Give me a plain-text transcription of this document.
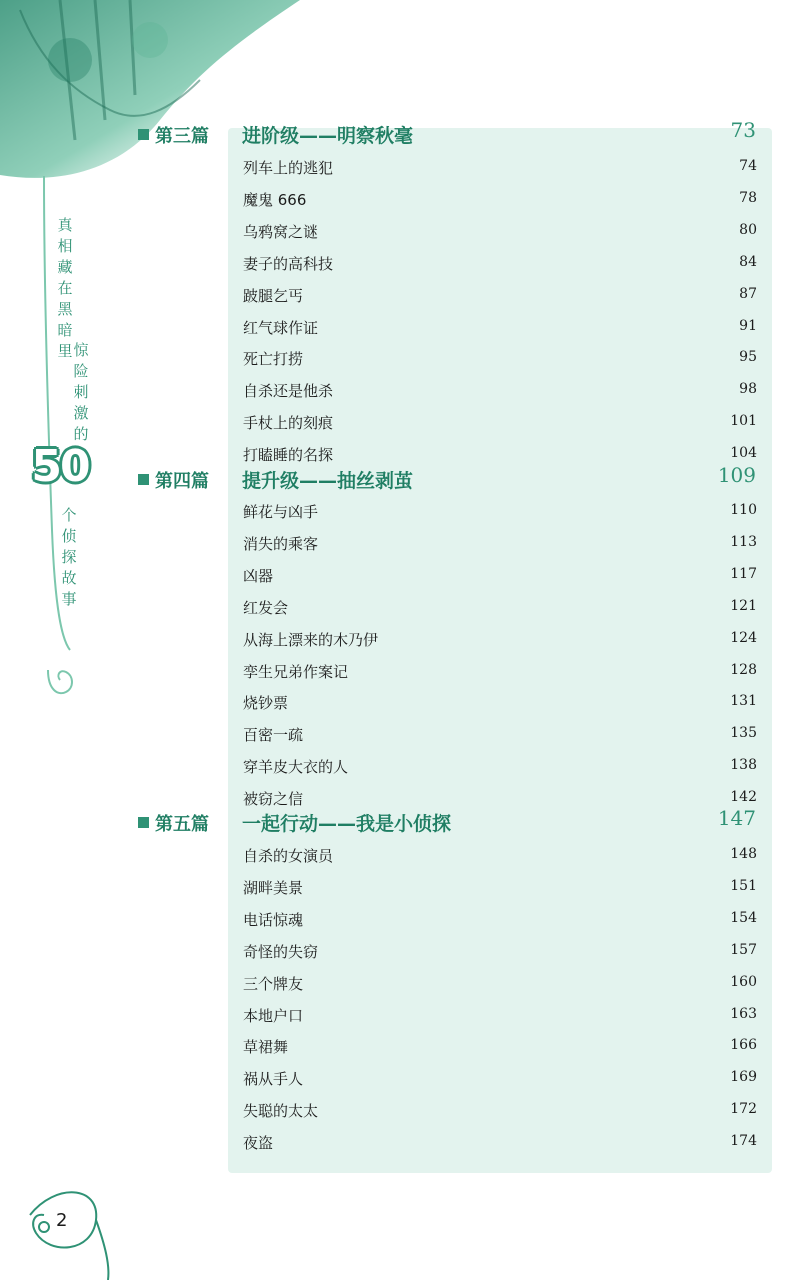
真
相
藏
在
黑
暗
里 惊
险
刺
激
的
50
个
侦
探
故
事
第三篇 进阶级——明察秋毫	73
列车上的逃犯	74
魔鬼 666	78
乌鸦窝之谜	80
妻子的高科技	84
跛腿乞丐	87
红气球作证	91
死亡打捞	95
自杀还是他杀	98
手杖上的刻痕	101
打瞌睡的名探	104
第四篇 提升级——抽丝剥茧	109
鲜花与凶手	110
消失的乘客	113
凶器	117
红发会	121
从海上漂来的木乃伊	124
孪生兄弟作案记	128
烧钞票	131
百密一疏	135
穿羊皮大衣的人	138
被窃之信	142
第五篇 一起行动——我是小侦探	147
自杀的女演员	148
湖畔美景	151
电话惊魂	154
奇怪的失窃	157
三个牌友	160
本地户口	163
草裙舞	166
祸从手人	169
失聪的太太	172
夜盗	174
2
